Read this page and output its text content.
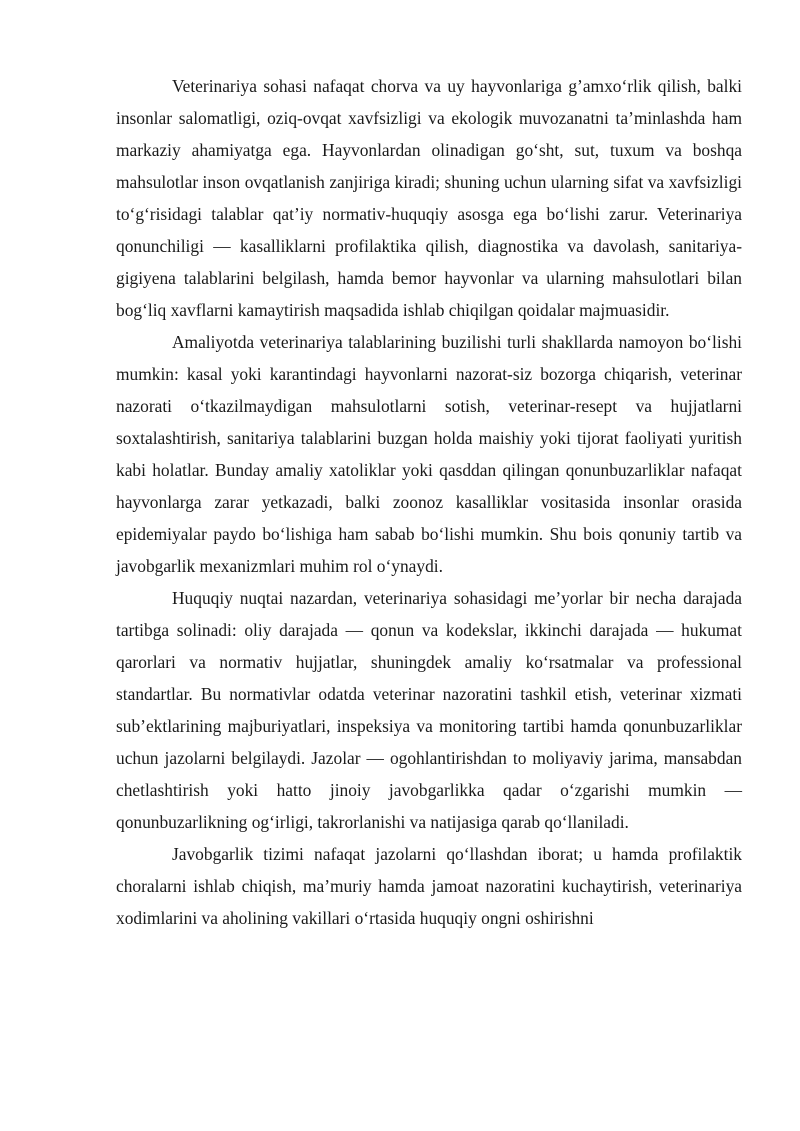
Veterinariya sohasi nafaqat chorva va uy hayvonlariga g’amxo‘rlik qilish, balki insonlar salomatligi, oziq-ovqat xavfsizligi va ekologik muvozanatni ta’minlashda ham markaziy ahamiyatga ega. Hayvonlardan olinadigan go‘sht, sut, tuxum va boshqa mahsulotlar inson ovqatlanish zanjiriga kiradi; shuning uchun ularning sifat va xavfsizligi to‘g‘risidagi talablar qat’iy normativ-huquqiy asosga ega bo‘lishi zarur. Veterinariya qonunchiligi — kasalliklarni profilaktika qilish, diagnostika va davolash, sanitariya-gigiyena talablarini belgilash, hamda bemor hayvonlar va ularning mahsulotlari bilan bog‘liq xavflarni kamaytirish maqsadida ishlab chiqilgan qoidalar majmuasidir.

Amaliyotda veterinariya talablarining buzilishi turli shakllarda namoyon bo‘lishi mumkin: kasal yoki karantindagi hayvonlarni nazorat-siz bozorga chiqarish, veterinar nazorati o‘tkazilmaydigan mahsulotlarni sotish, veterinar-resept va hujjatlarni soxtalashtirish, sanitariya talablarini buzgan holda maishiy yoki tijorat faoliyati yuritish kabi holatlar. Bunday amaliy xatoliklar yoki qasddan qilingan qonunbuzarliklar nafaqat hayvonlarga zarar yetkazadi, balki zoonoz kasalliklar vositasida insonlar orasida epidemiyalar paydo bo‘lishiga ham sabab bo‘lishi mumkin. Shu bois qonuniy tartib va javobgarlik mexanizmlari muhim rol o‘ynaydi.

Huquqiy nuqtai nazardan, veterinariya sohasidagi me’yorlar bir necha darajada tartibga solinadi: oliy darajada — qonun va kodekslar, ikkinchi darajada — hukumat qarorlari va normativ hujjatlar, shuningdek amaliy ko‘rsatmalar va professional standartlar. Bu normativlar odatda veterinar nazoratini tashkil etish, veterinar xizmati sub’ektlarining majburiyatlari, inspeksiya va monitoring tartibi hamda qonunbuzarliklar uchun jazolarni belgilaydi. Jazolar — ogohlantirishdan to moliyaviy jarima, mansabdan chetlashtirish yoki hatto jinoiy javobgarlikka qadar o‘zgarishi mumkin — qonunbuzarlikning og‘irligi, takrorlanishi va natijasiga qarab qo‘llaniladi.

Javobgarlik tizimi nafaqat jazolarni qo‘llashdan iborat; u hamda profilaktik choralarni ishlab chiqish, ma’muriy hamda jamoat nazoratini kuchaytirish, veterinariya xodimlarini va aholining vakillari o‘rtasida huquqiy ongni oshirishni
